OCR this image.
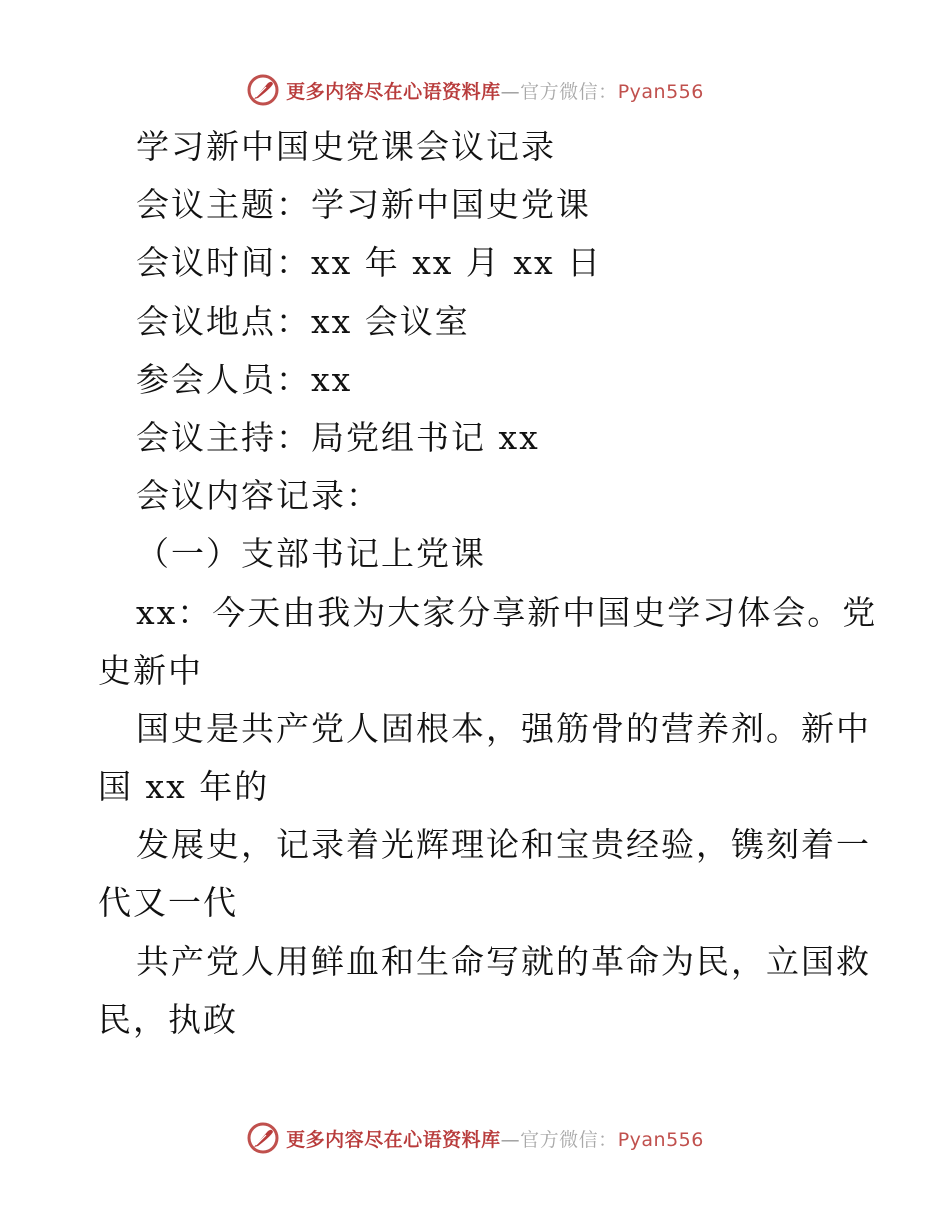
更多内容尽在心语资料库—官方微信：Pyan556
学习新中国史党课会议记录
会议主题：学习新中国史党课
会议时间：xx 年 xx 月 xx 日
会议地点：xx 会议室
参会人员：xx
会议主持：局党组书记 xx
会议内容记录：
（一）支部书记上党课
xx：今天由我为大家分享新中国史学习体会。党
史新中
国史是共产党人固根本，强筋骨的营养剂。新中
国 xx 年的
发展史，记录着光辉理论和宝贵经验，镌刻着一
代又一代
共产党人用鲜血和生命写就的革命为民，立国救
民，执政
更多内容尽在心语资料库—官方微信：Pyan556
